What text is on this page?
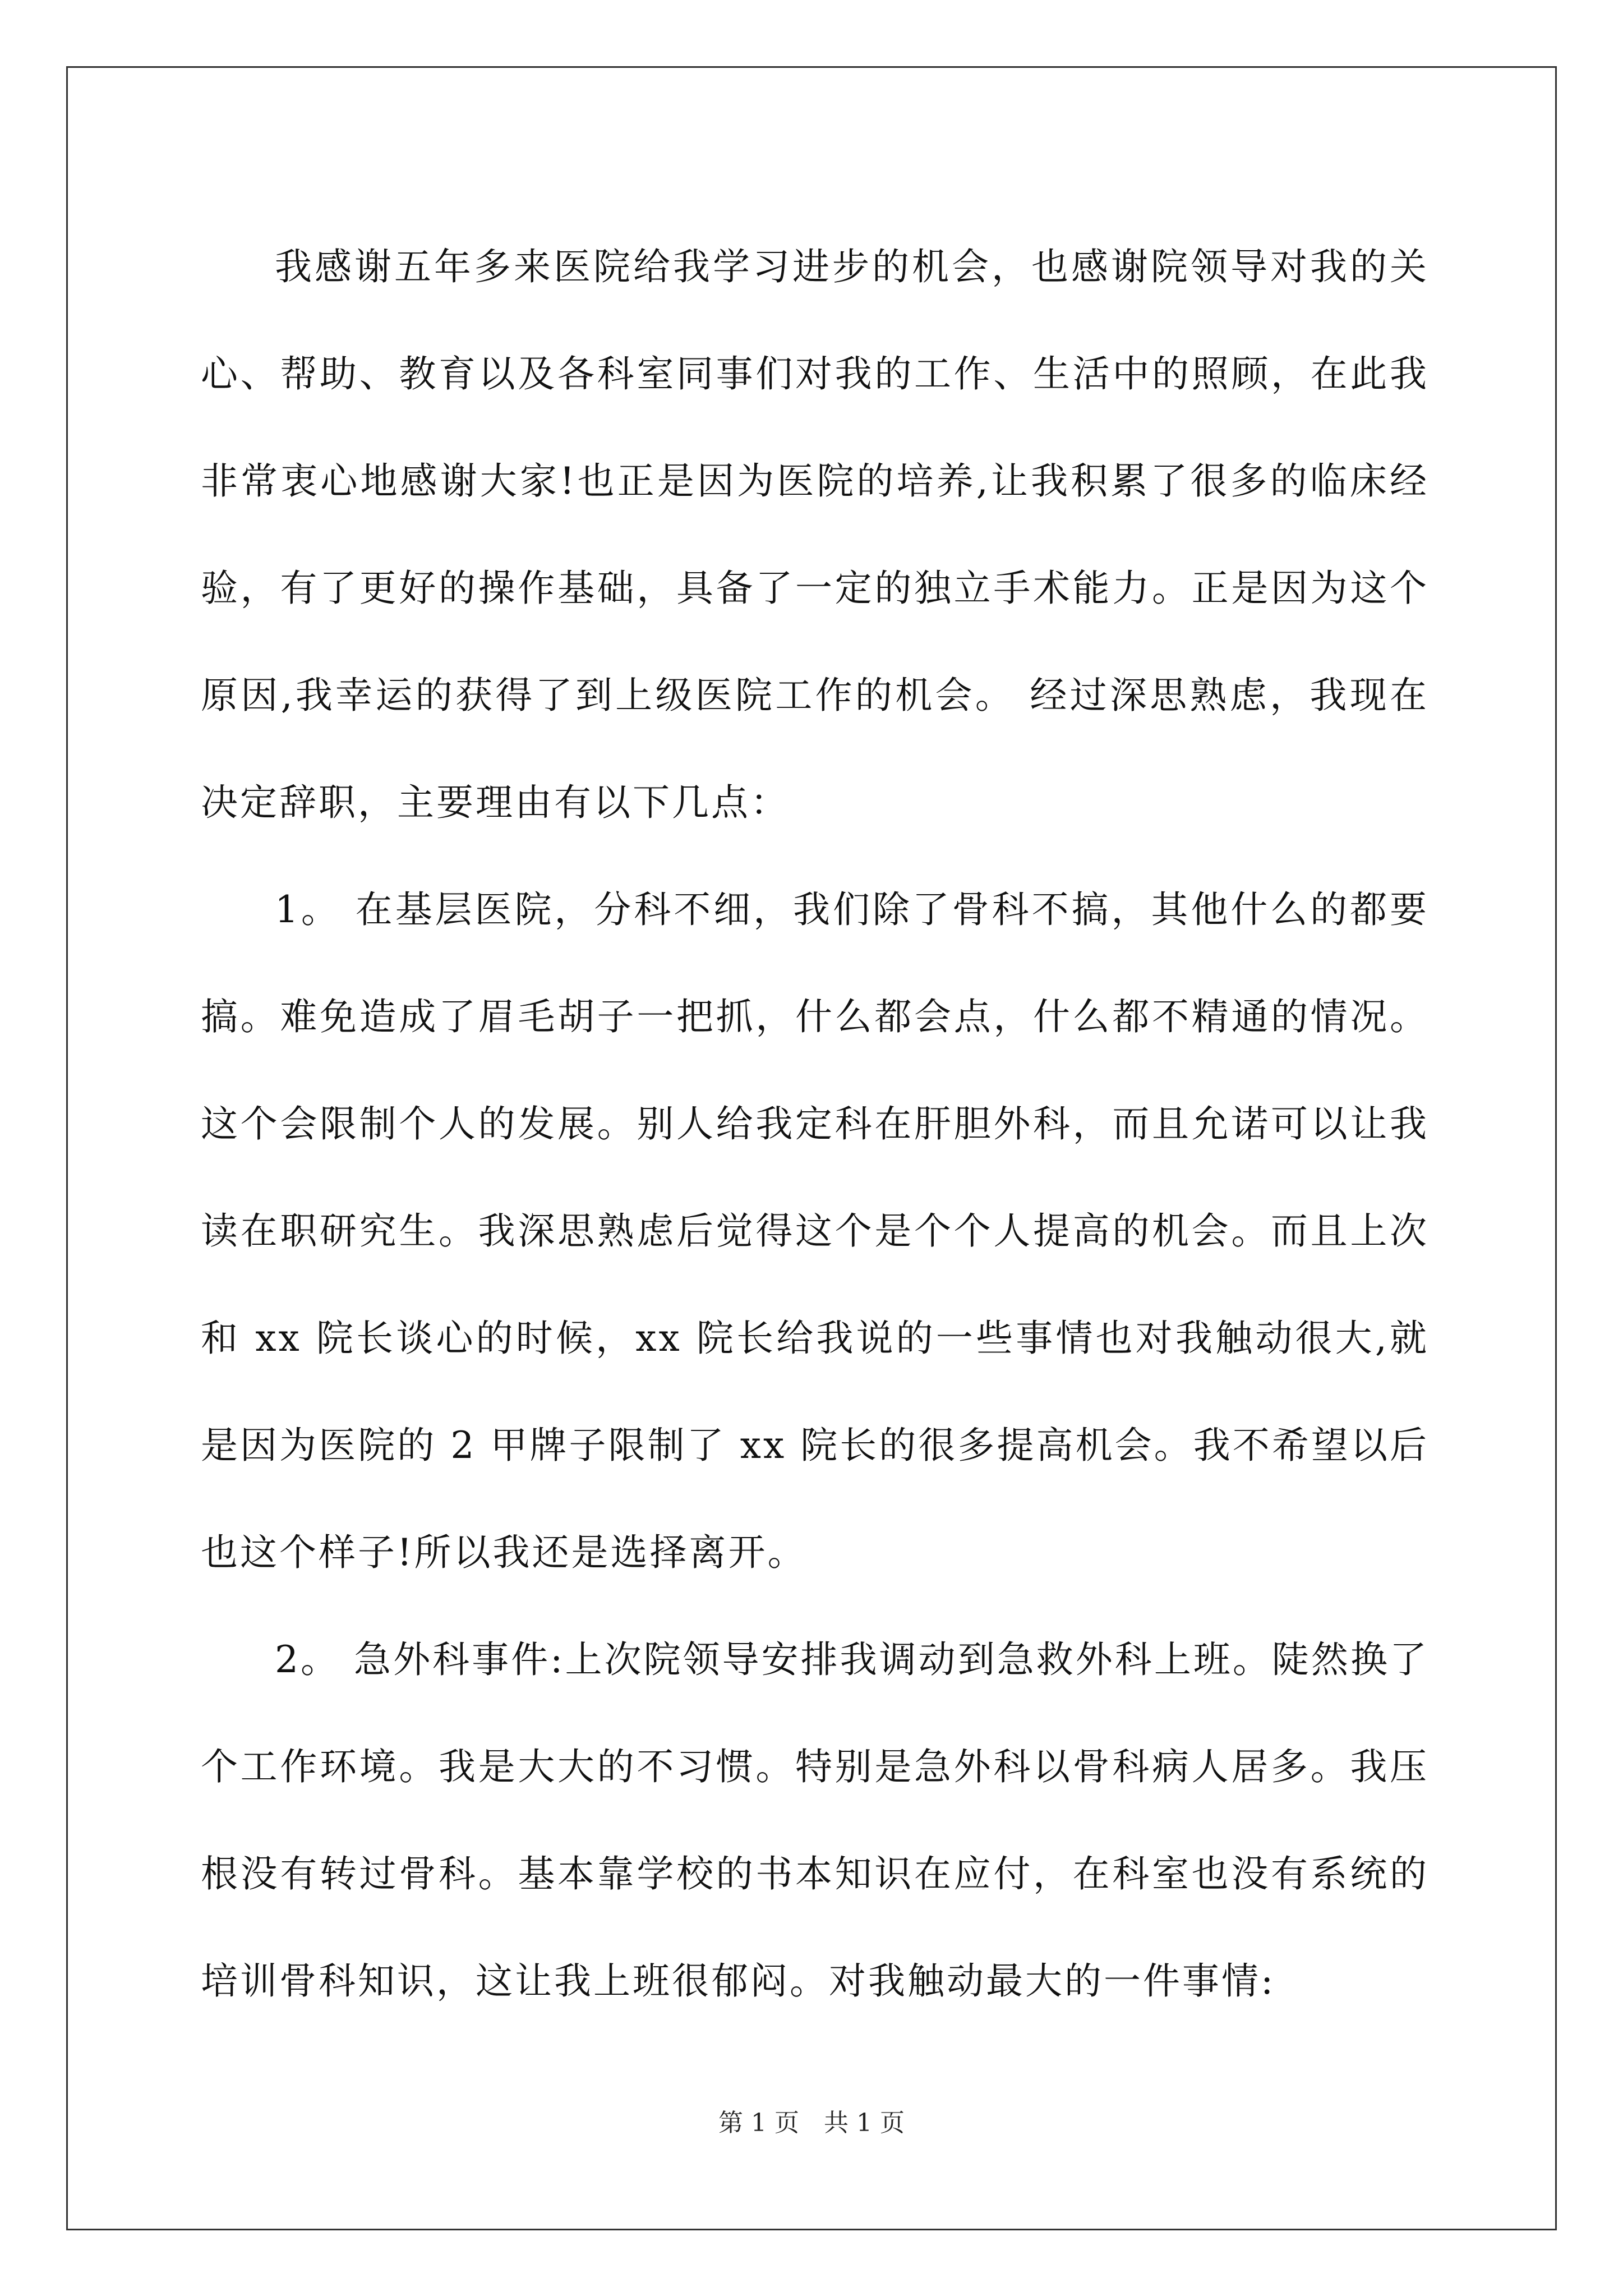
我感谢五年多来医院给我学习进步的机会，也感谢院领导对我的关心、帮助、教育以及各科室同事们对我的工作、生活中的照顾，在此我非常衷心地感谢大家!也正是因为医院的培养,让我积累了很多的临床经验，有了更好的操作基础，具备了一定的独立手术能力。正是因为这个原因,我幸运的获得了到上级医院工作的机会。 经过深思熟虑，我现在决定辞职，主要理由有以下几点：

1。 在基层医院，分科不细，我们除了骨科不搞，其他什么的都要搞。难免造成了眉毛胡子一把抓，什么都会点，什么都不精通的情况。这个会限制个人的发展。别人给我定科在肝胆外科，而且允诺可以让我读在职研究生。我深思熟虑后觉得这个是个个人提高的机会。而且上次和 xx 院长谈心的时候，xx 院长给我说的一些事情也对我触动很大,就是因为医院的 2 甲牌子限制了 xx 院长的很多提高机会。我不希望以后也这个样子!所以我还是选择离开。

2。 急外科事件:上次院领导安排我调动到急救外科上班。陡然换了个工作环境。我是大大的不习惯。特别是急外科以骨科病人居多。我压根没有转过骨科。基本靠学校的书本知识在应付，在科室也没有系统的培训骨科知识，这让我上班很郁闷。对我触动最大的一件事情:

第 1 页　共 1 页
